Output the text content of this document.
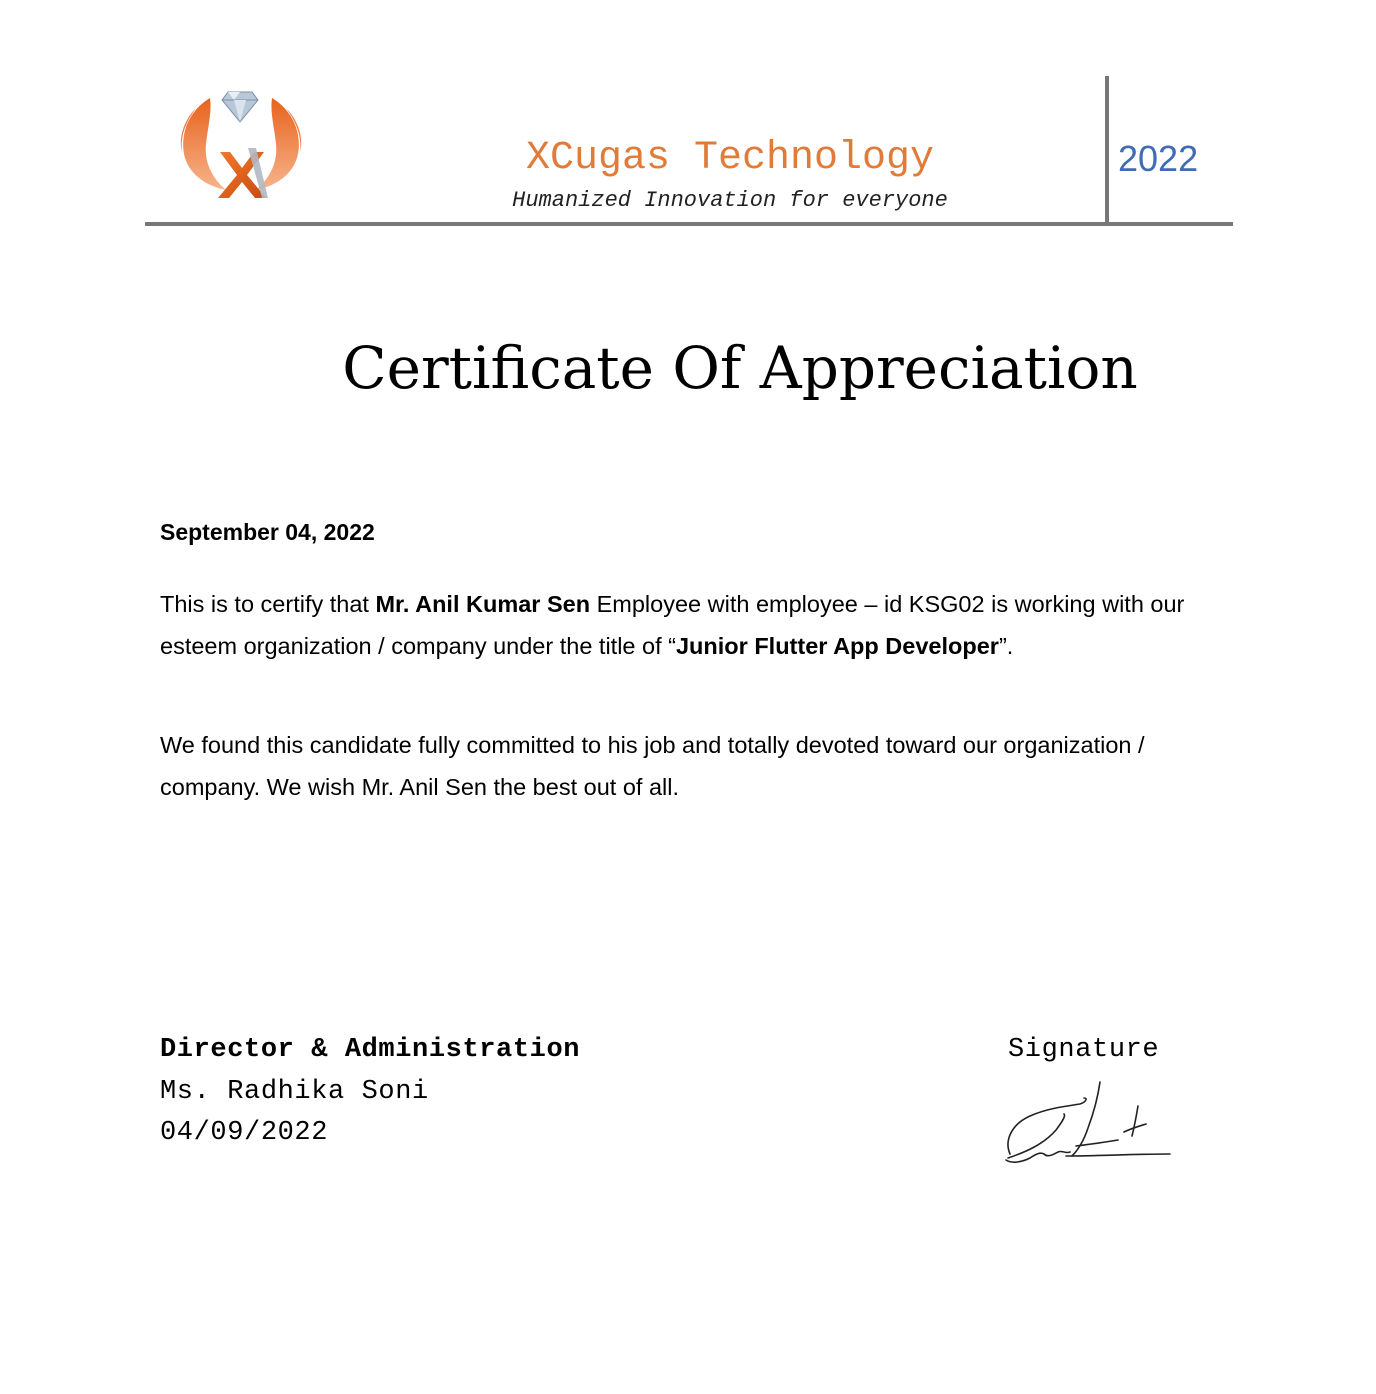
XCugas Technology
Humanized Innovation for everyone
2022
Certificate Of Appreciation
September 04, 2022

This is to certify that Mr. Anil Kumar Sen Employee with employee – id KSG02 is working with our esteem organization / company under the title of “Junior Flutter App Developer”.

We found this candidate fully committed to his job and totally devoted toward our organization / company. We wish Mr. Anil Sen the best out of all.

Director & Administration
Ms. Radhika Soni
04/09/2022
Signature
